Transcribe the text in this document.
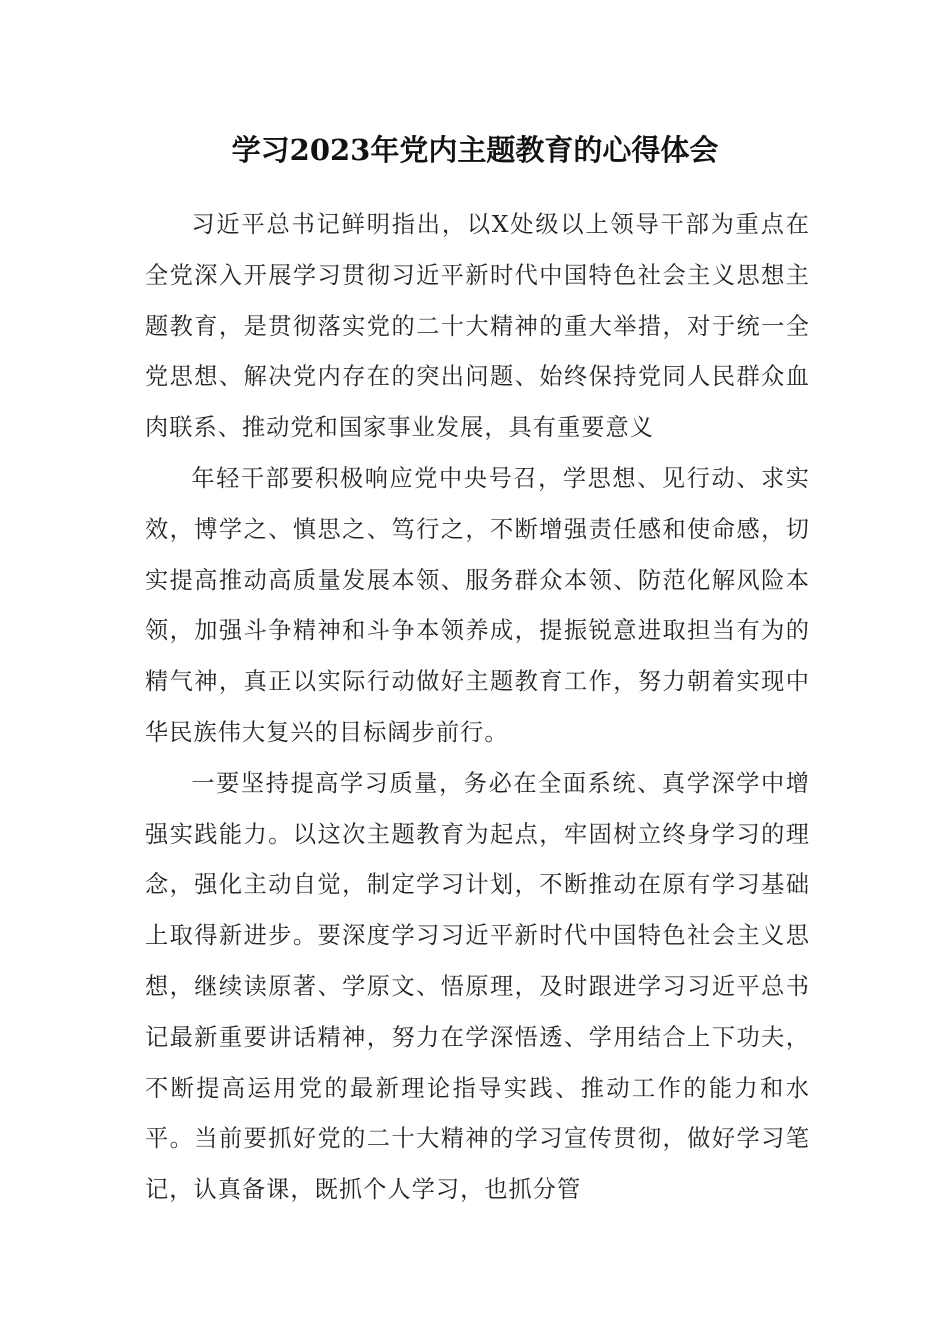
学习2023年党内主题教育的心得体会

习近平总书记鲜明指出，以X处级以上领导干部为重点在全党深入开展学习贯彻习近平新时代中国特色社会主义思想主题教育，是贯彻落实党的二十大精神的重大举措，对于统一全党思想、解决党内存在的突出问题、始终保持党同人民群众血肉联系、推动党和国家事业发展，具有重要意义

年轻干部要积极响应党中央号召，学思想、见行动、求实效，博学之、慎思之、笃行之，不断增强责任感和使命感，切实提高推动高质量发展本领、服务群众本领、防范化解风险本领，加强斗争精神和斗争本领养成，提振锐意进取担当有为的精气神，真正以实际行动做好主题教育工作，努力朝着实现中华民族伟大复兴的目标阔步前行。

一要坚持提高学习质量，务必在全面系统、真学深学中增强实践能力。以这次主题教育为起点，牢固树立终身学习的理念，强化主动自觉，制定学习计划，不断推动在原有学习基础上取得新进步。要深度学习习近平新时代中国特色社会主义思想，继续读原著、学原文、悟原理，及时跟进学习习近平总书记最新重要讲话精神，努力在学深悟透、学用结合上下功夫，不断提高运用党的最新理论指导实践、推动工作的能力和水平。当前要抓好党的二十大精神的学习宣传贯彻，做好学习笔记，认真备课，既抓个人学习，也抓分管
